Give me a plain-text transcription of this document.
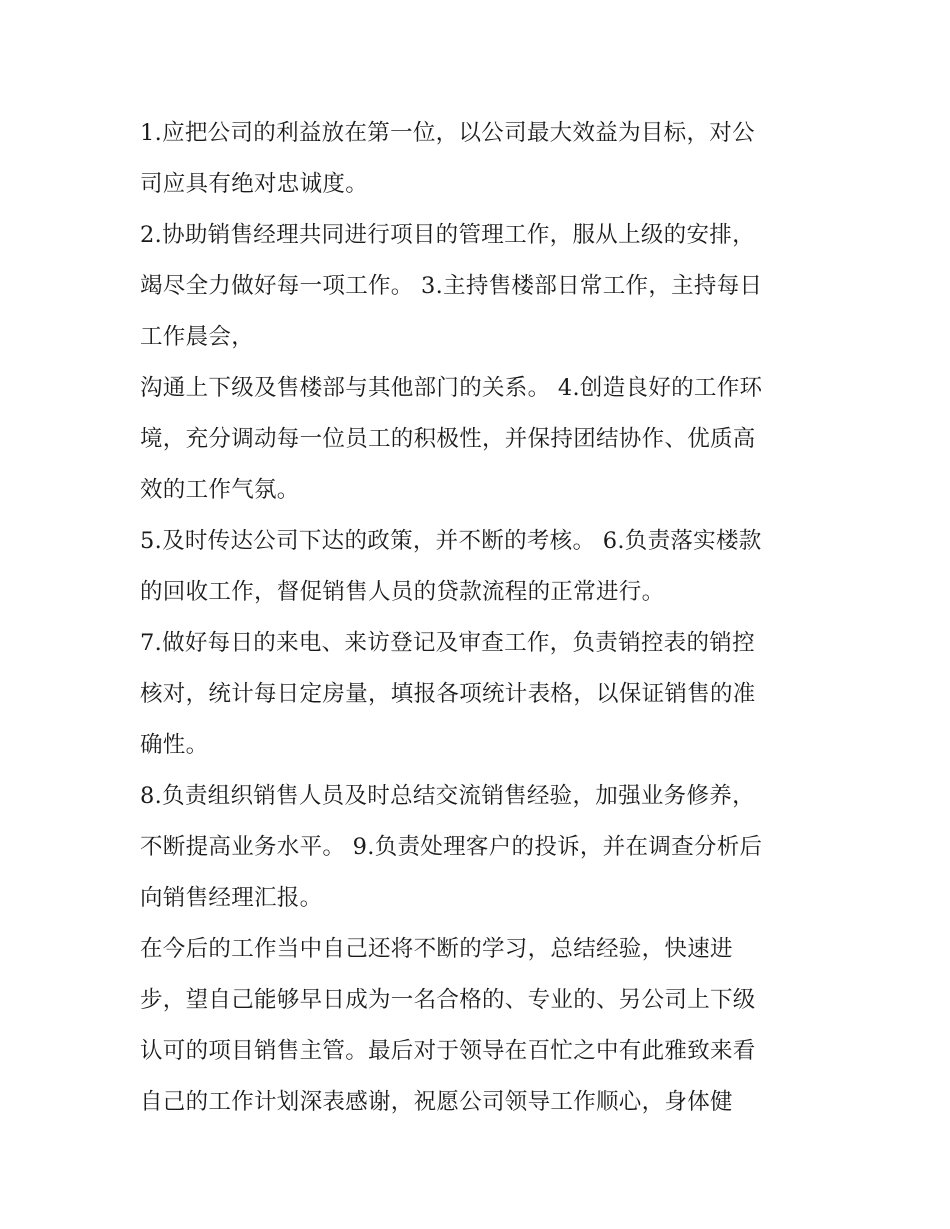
1.应把公司的利益放在第一位，以公司最大效益为目标，对公
司应具有绝对忠诚度。
2.协助销售经理共同进行项目的管理工作，服从上级的安排，
竭尽全力做好每一项工作。 3.主持售楼部日常工作，主持每日
工作晨会，
沟通上下级及售楼部与其他部门的关系。 4.创造良好的工作环
境，充分调动每一位员工的积极性，并保持团结协作、优质高
效的工作气氛。
5.及时传达公司下达的政策，并不断的考核。 6.负责落实楼款
的回收工作，督促销售人员的贷款流程的正常进行。
7.做好每日的来电、来访登记及审查工作，负责销控表的销控
核对，统计每日定房量，填报各项统计表格，以保证销售的准
确性。
8.负责组织销售人员及时总结交流销售经验，加强业务修养，
不断提高业务水平。 9.负责处理客户的投诉，并在调查分析后
向销售经理汇报。
在今后的工作当中自己还将不断的学习，总结经验，快速进
步，望自己能够早日成为一名合格的、专业的、另公司上下级
认可的项目销售主管。最后对于领导在百忙之中有此雅致来看
自己的工作计划深表感谢，祝愿公司领导工作顺心，身体健
